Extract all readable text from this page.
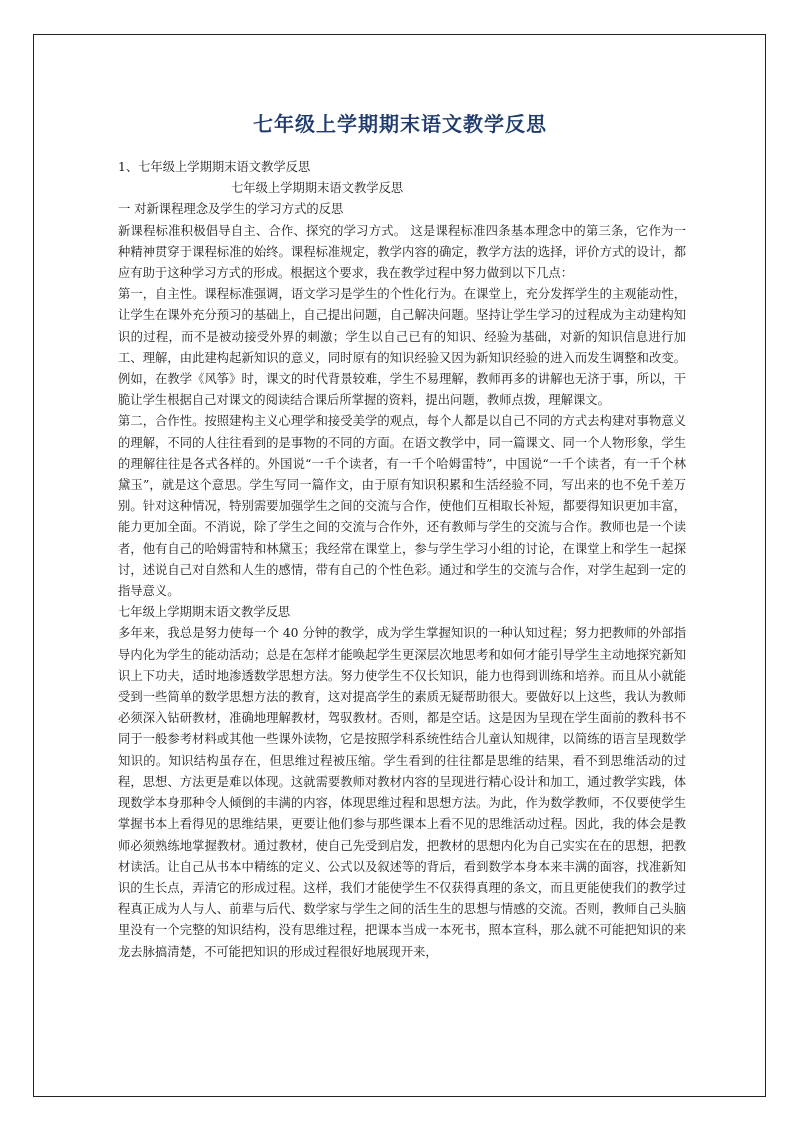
七年级上学期期末语文教学反思

1、七年级上学期期末语文教学反思

七年级上学期期末语文教学反思

一 对新课程理念及学生的学习方式的反思

新课程标准积极倡导自主、合作、探究的学习方式。 这是课程标准四条基本理念中的第三条，它作为一种精神贯穿于课程标准的始终。课程标准规定，教学内容的确定，教学方法的选择，评价方式的设计，都应有助于这种学习方式的形成。根据这个要求，我在教学过程中努力做到以下几点：

第一，自主性。课程标准强调，语文学习是学生的个性化行为。在课堂上，充分发挥学生的主观能动性，让学生在课外充分预习的基础上，自己提出问题，自己解决问题。坚持让学生学习的过程成为主动建构知识的过程，而不是被动接受外界的刺激；学生以自己已有的知识、经验为基础，对新的知识信息进行加工、理解，由此建构起新知识的意义，同时原有的知识经验又因为新知识经验的进入而发生调整和改变。例如，在教学《风筝》时，课文的时代背景较难，学生不易理解，教师再多的讲解也无济于事，所以，干脆让学生根据自己对课文的阅读结合课后所掌握的资料，提出问题，教师点拨，理解课文。

第二，合作性。按照建构主义心理学和接受美学的观点，每个人都是以自己不同的方式去构建对事物意义的理解，不同的人往往看到的是事物的不同的方面。在语文教学中，同一篇课文、同一个人物形象，学生的理解往往是各式各样的。外国说“一千个读者，有一千个哈姆雷特”，中国说“一千个读者，有一千个林黛玉”，就是这个意思。学生写同一篇作文，由于原有知识积累和生活经验不同，写出来的也不免千差万别。针对这种情况，特别需要加强学生之间的交流与合作，使他们互相取长补短，都要得知识更加丰富，能力更加全面。不消说，除了学生之间的交流与合作外，还有教师与学生的交流与合作。教师也是一个读者，他有自己的哈姆雷特和林黛玉；我经常在课堂上，参与学生学习小组的讨论，在课堂上和学生一起探讨，述说自己对自然和人生的感情，带有自己的个性色彩。通过和学生的交流与合作，对学生起到一定的指导意义。

七年级上学期期末语文教学反思

多年来，我总是努力使每一个 40 分钟的教学，成为学生掌握知识的一种认知过程；努力把教师的外部指导内化为学生的能动活动；总是在怎样才能唤起学生更深层次地思考和如何才能引导学生主动地探究新知识上下功夫，适时地渗透数学思想方法。努力使学生不仅长知识，能力也得到训练和培养。而且从小就能受到一些简单的数学思想方法的教育，这对提高学生的素质无疑帮助很大。要做好以上这些，我认为教师必须深入钻研教材，准确地理解教材，驾驭教材。否则，都是空话。这是因为呈现在学生面前的教科书不同于一般参考材料或其他一些课外读物，它是按照学科系统性结合儿童认知规律，以简练的语言呈现数学知识的。知识结构虽存在，但思维过程被压缩。学生看到的往往都是思维的结果，看不到思维活动的过程，思想、方法更是难以体现。这就需要教师对教材内容的呈现进行精心设计和加工，通过教学实践，体现数学本身那种令人倾倒的丰满的内容，体现思维过程和思想方法。为此，作为数学教师，不仅要使学生掌握书本上看得见的思维结果，更要让他们参与那些课本上看不见的思维活动过程。因此，我的体会是教师必须熟练地掌握教材。通过教材，使自己先受到启发，把教材的思想内化为自己实实在在的思想，把教材读活。让自己从书本中精练的定义、公式以及叙述等的背后，看到数学本身本来丰满的面容，找准新知识的生长点，弄清它的形成过程。这样，我们才能使学生不仅获得真理的条文，而且更能使我们的教学过程真正成为人与人、前辈与后代、数学家与学生之间的活生生的思想与情感的交流。否则，教师自己头脑里没有一个完整的知识结构，没有思维过程，把课本当成一本死书，照本宣科，那么就不可能把知识的来龙去脉搞清楚，不可能把知识的形成过程很好地展现开来，
